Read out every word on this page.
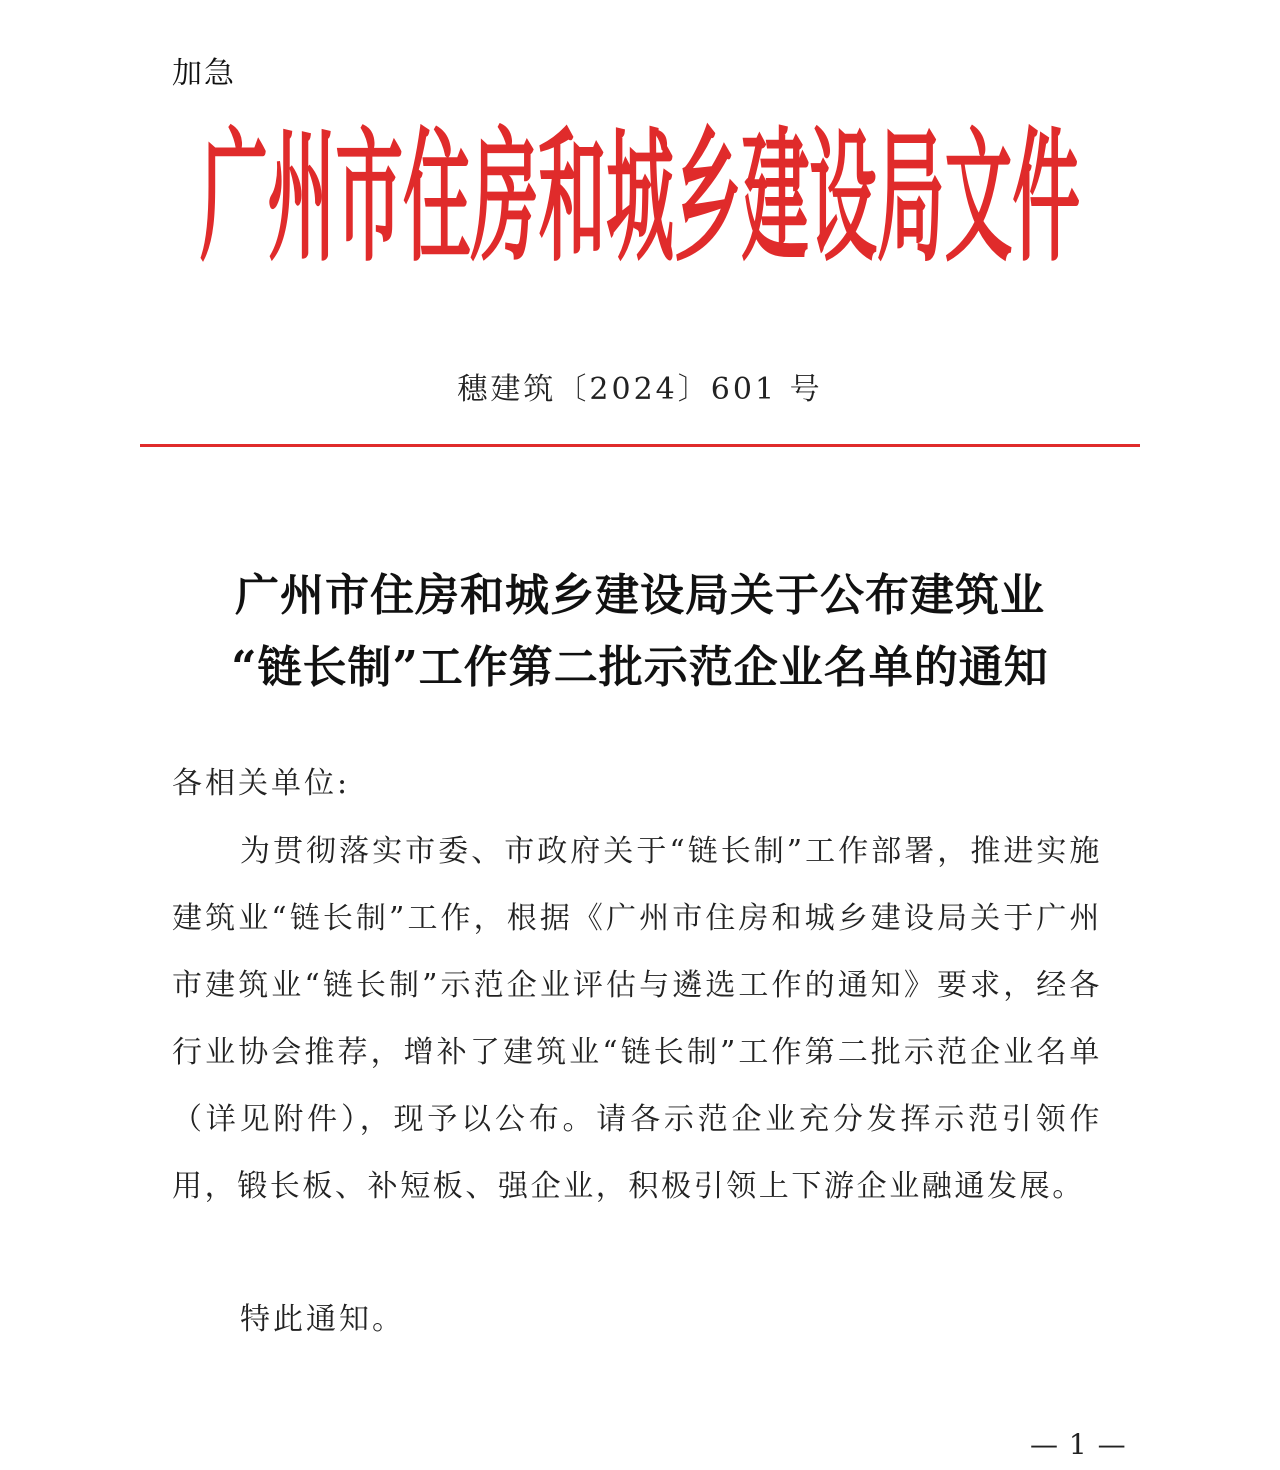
加急
广州市住房和城乡建设局文件
穗建筑〔2024〕601 号
广州市住房和城乡建设局关于公布建筑业
“链长制”工作第二批示范企业名单的通知
各相关单位:

为贯彻落实市委、市政府关于“链长制”工作部署，推进实施建筑业“链长制”工作，根据《广州市住房和城乡建设局关于广州市建筑业“链长制”示范企业评估与遴选工作的通知》要求，经各行业协会推荐，增补了建筑业“链长制”工作第二批示范企业名单（详见附件），现予以公布。请各示范企业充分发挥示范引领作用，锻长板、补短板、强企业，积极引领上下游企业融通发展。

特此通知。
— 1 —
